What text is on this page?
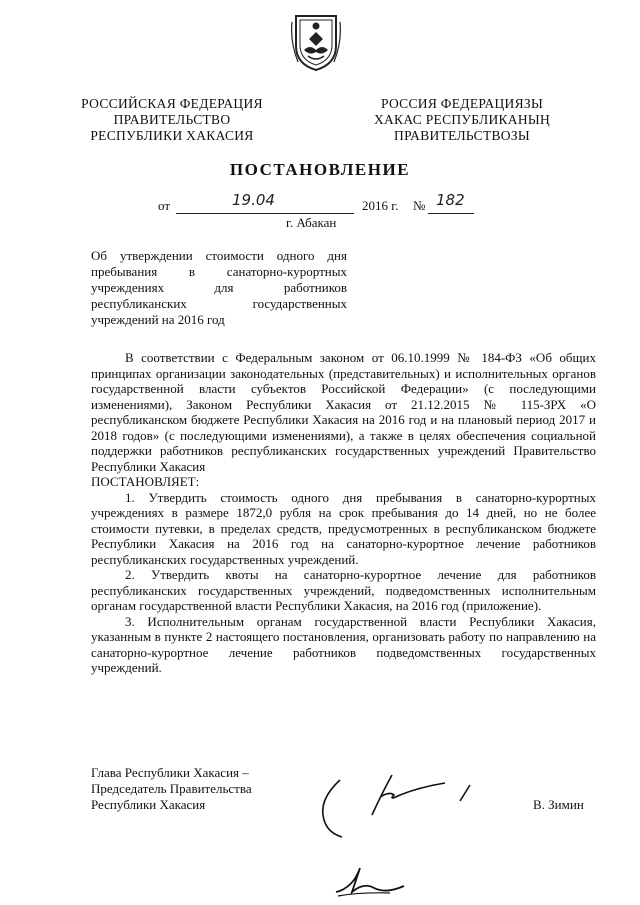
РОССИЙСКАЯ ФЕДЕРАЦИЯ
ПРАВИТЕЛЬСТВО
РЕСПУБЛИКИ ХАКАСИЯ
РОССИЯ ФЕДЕРАЦИЯЗЫ
ХАКАС РЕСПУБЛИКАНЫҢ
ПРАВИТЕЛЬСТВОЗЫ
ПОСТАНОВЛЕНИЕ
от	19.04	2016 г. № 182
г. Абакан
Об утверждении стоимости одного дня
пребывания в санаторно-курортных
учреждениях для работников
республиканских государственных
учреждений на 2016 год

В соответствии с Федеральным законом от 06.10.1999 № 184-ФЗ «Об общих принципах организации законодательных (представительных) и исполнительных органов государственной власти субъектов Российской Федерации» (с последующими изменениями), Законом Республики Хакасия от 21.12.2015 № 115-ЗРХ «О республиканском бюджете Республики Хакасия на 2016 год и на плановый период 2017 и 2018 годов» (с последующими изменениями), а также в целях обеспечения социальной поддержки работников республиканских государственных учреждений Правительство Республики Хакасия

ПОСТАНОВЛЯЕТ:

1. Утвердить стоимость одного дня пребывания в санаторно-курортных учреждениях в размере 1872,0 рубля на срок пребывания до 14 дней, но не более стоимости путевки, в пределах средств, предусмотренных в республиканском бюджете Республики Хакасия на 2016 год на санаторно-курортное лечение работников республиканских государственных учреждений.

2. Утвердить квоты на санаторно-курортное лечение для работников республиканских государственных учреждений, подведомственных исполнительным органам государственной власти Республики Хакасия, на 2016 год (приложение).

3. Исполнительным органам государственной власти Республики Хакасия, указанным в пункте 2 настоящего постановления, организовать работу по направлению на санаторно-курортное лечение работников подведомственных государственных учреждений.

Глава Республики Хакасия –
Председатель Правительства
Республики Хакасия	В. Зимин
